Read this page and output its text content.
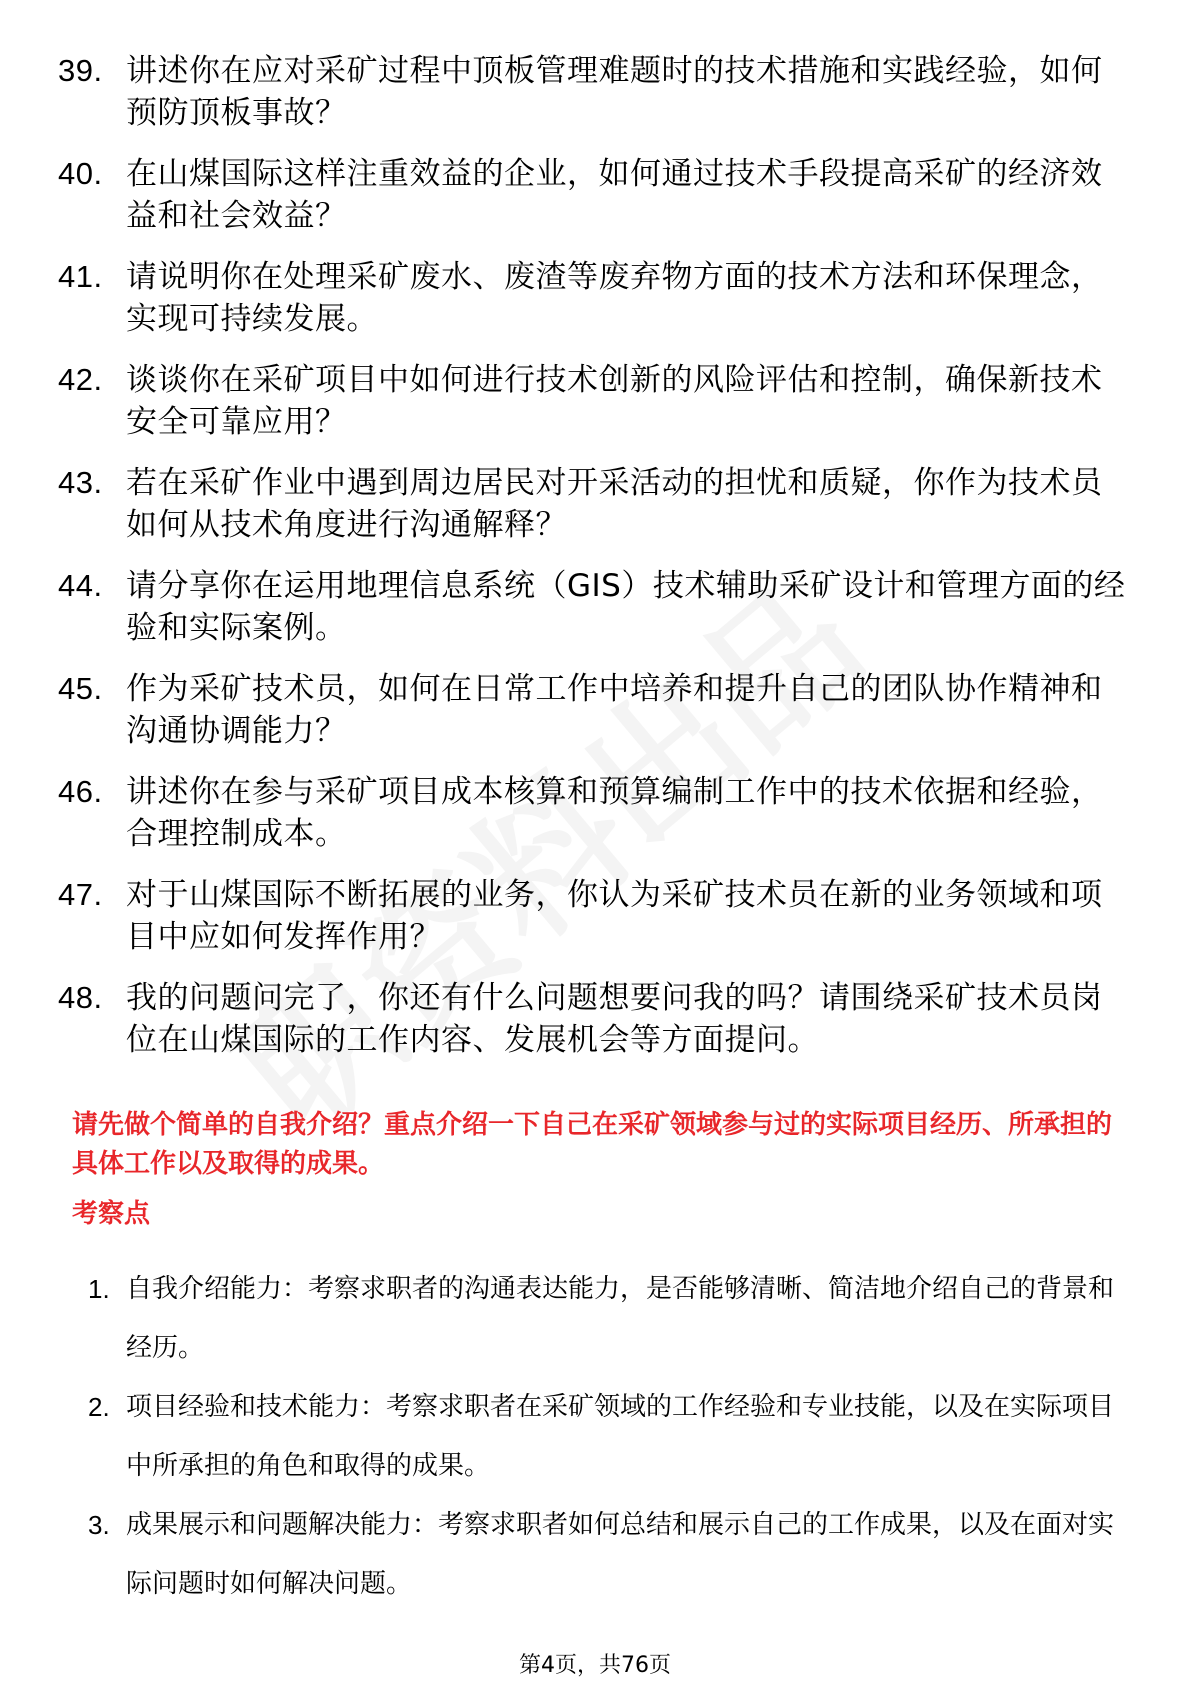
39. 讲述你在应对采矿过程中顶板管理难题时的技术措施和实践经验，如何预防顶板事故？
40. 在山煤国际这样注重效益的企业，如何通过技术手段提高采矿的经济效益和社会效益？
41. 请说明你在处理采矿废水、废渣等废弃物方面的技术方法和环保理念，实现可持续发展。
42. 谈谈你在采矿项目中如何进行技术创新的风险评估和控制，确保新技术安全可靠应用？
43. 若在采矿作业中遇到周边居民对开采活动的担忧和质疑，你作为技术员如何从技术角度进行沟通解释？
44. 请分享你在运用地理信息系统（GIS）技术辅助采矿设计和管理方面的经验和实际案例。
45. 作为采矿技术员，如何在日常工作中培养和提升自己的团队协作精神和沟通协调能力？
46. 讲述你在参与采矿项目成本核算和预算编制工作中的技术依据和经验，合理控制成本。
47. 对于山煤国际不断拓展的业务，你认为采矿技术员在新的业务领域和项目中应如何发挥作用？
48. 我的问题问完了，你还有什么问题想要问我的吗？请围绕采矿技术员岗位在山煤国际的工作内容、发展机会等方面提问。

请先做个简单的自我介绍？重点介绍一下自己在采矿领域参与过的实际项目经历、所承担的具体工作以及取得的成果。

考察点
1. 自我介绍能力：考察求职者的沟通表达能力，是否能够清晰、简洁地介绍自己的背景和经历。
2. 项目经验和技术能力：考察求职者在采矿领域的工作经验和专业技能，以及在实际项目中所承担的角色和取得的成果。
3. 成果展示和问题解决能力：考察求职者如何总结和展示自己的工作成果，以及在面对实际问题时如何解决问题。
第4页，共76页
